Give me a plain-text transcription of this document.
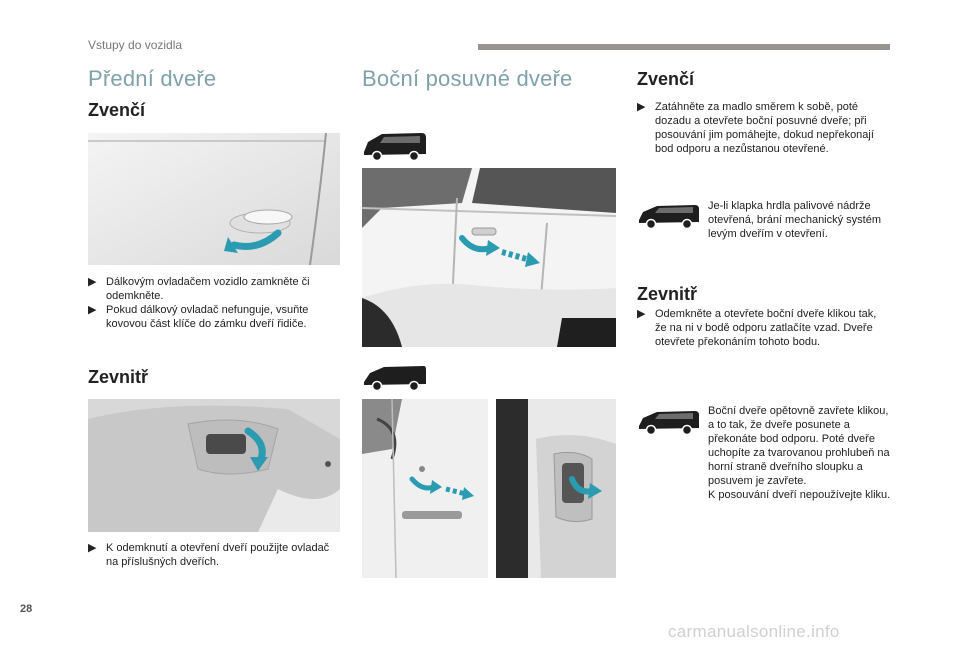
Vstupy do vozidla
Přední dveře
Zvenčí

▶ Dálkovým ovladačem vozidlo zamkněte či odemkněte.

▶ Pokud dálkový ovladač nefunguje, vsuňte kovovou část klíče do zámku dveří řidiče.

Zevnitř

▶ K odemknutí a otevření dveří použijte ovladač na příslušných dveřích.

Boční posuvné dveře	Zvenčí

▶ Zatáhněte za madlo směrem k sobě, poté dozadu a otevřete boční posuvné dveře; při posouvání jim pomáhejte, dokud nepřekonají bod odporu a nezůstanou otevřené.

Je-li klapka hrdla palivové nádrže otevřená, brání mechanický systém levým dveřím v otevření.
Zevnitř

▶ Odemkněte a otevřete boční dveře klikou tak, že na ni v bodě odporu zatlačíte vzad. Dveře otevřete překonáním tohoto bodu.

Boční dveře opětovně zavřete klikou, a to tak, že dveře posunete a překonáte bod odporu. Poté dveře uchopíte za tvarovanou prohlubeň na horní straně dveřního sloupku a posuvem je zavřete.
K posouvání dveří nepoužívejte kliku.
28
carmanualsonline.info
